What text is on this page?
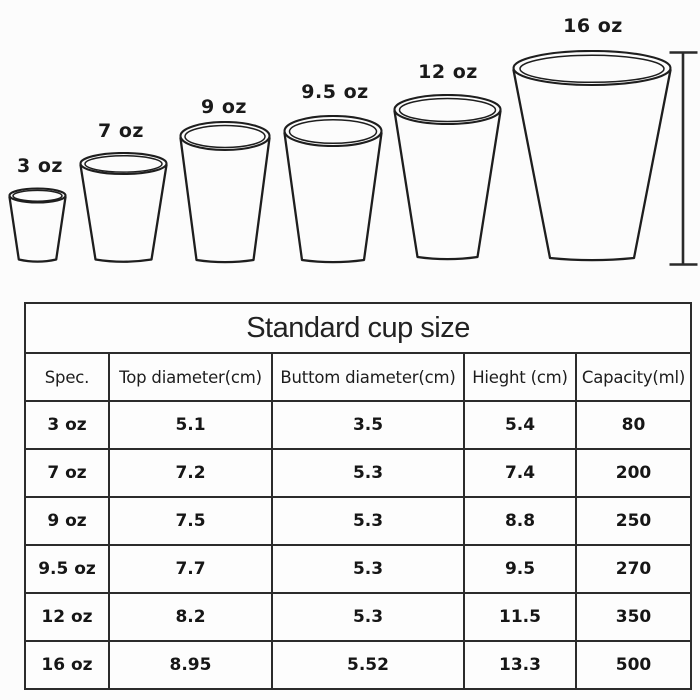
3 oz
7 oz
9 oz
9.5 oz
12 oz
16 oz
Standard cup size				
Spec.	Top diameter(cm)	Buttom diameter(cm)	Hieght (cm)	Capacity(ml)
3 oz	5.1	3.5	5.4	80
7 oz	7.2	5.3	7.4	200
9 oz	7.5	5.3	8.8	250
9.5 oz	7.7	5.3	9.5	270
12 oz	8.2	5.3	11.5	350
16 oz	8.95	5.52	13.3	500
